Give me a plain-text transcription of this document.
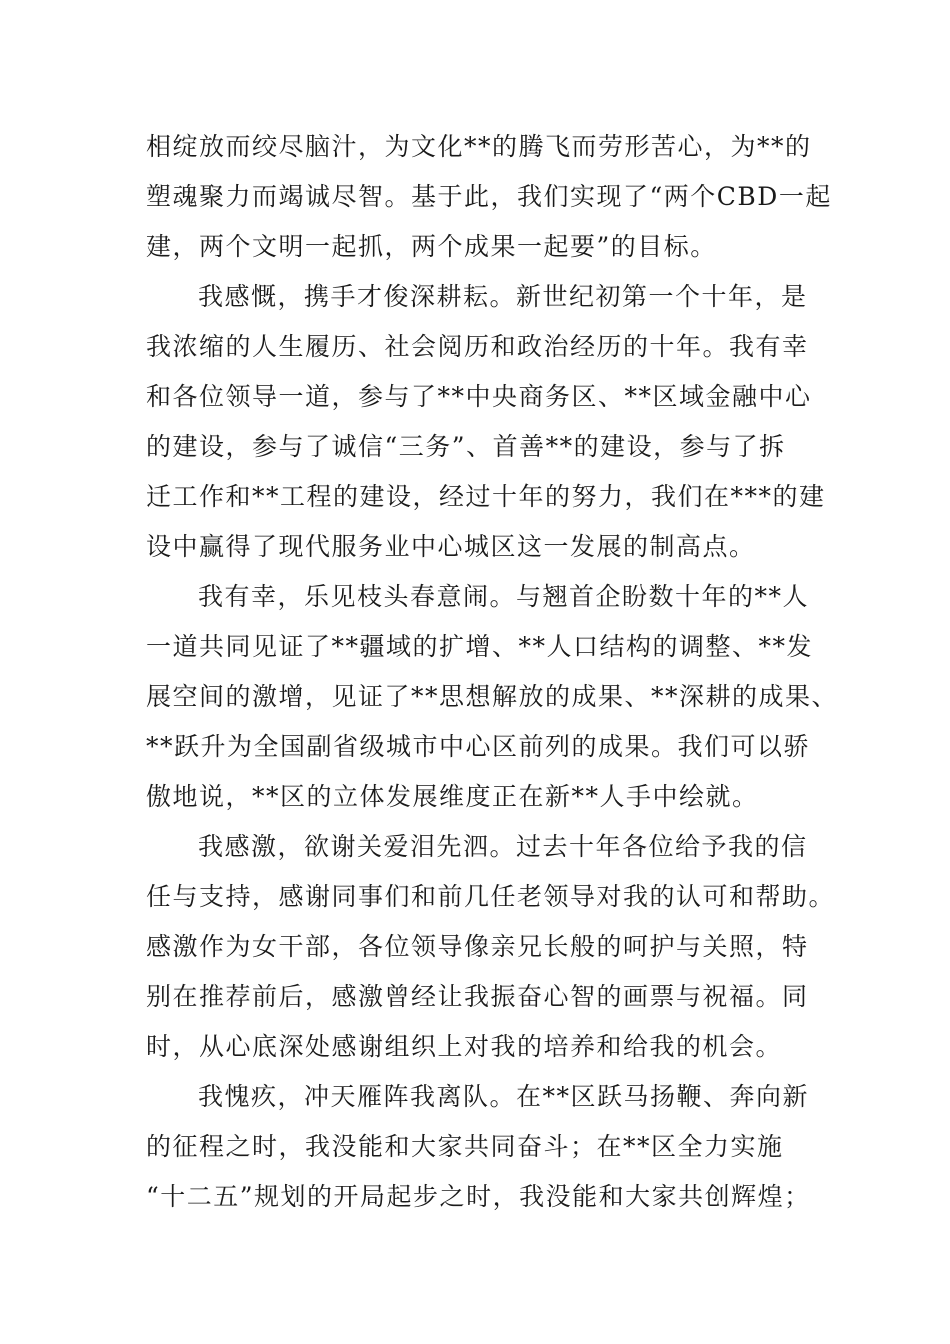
相绽放而绞尽脑汁，为文化**的腾飞而劳形苦心，为**的
塑魂聚力而竭诚尽智。基于此，我们实现了“两个CBD一起
建，两个文明一起抓，两个成果一起要”的目标。
我感慨，携手才俊深耕耘。新世纪初第一个十年，是
我浓缩的人生履历、社会阅历和政治经历的十年。我有幸
和各位领导一道，参与了**中央商务区、**区域金融中心
的建设，参与了诚信“三务”、首善**的建设，参与了拆
迁工作和**工程的建设，经过十年的努力，我们在***的建
设中赢得了现代服务业中心城区这一发展的制高点。
我有幸，乐见枝头春意闹。与翘首企盼数十年的**人
一道共同见证了**疆域的扩增、**人口结构的调整、**发
展空间的激增，见证了**思想解放的成果、**深耕的成果、
**跃升为全国副省级城市中心区前列的成果。我们可以骄
傲地说，**区的立体发展维度正在新**人手中绘就。
我感激，欲谢关爱泪先泗。过去十年各位给予我的信
任与支持，感谢同事们和前几任老领导对我的认可和帮助。
感激作为女干部，各位领导像亲兄长般的呵护与关照，特
别在推荐前后，感激曾经让我振奋心智的画票与祝福。同
时，从心底深处感谢组织上对我的培养和给我的机会。
我愧疚，冲天雁阵我离队。在**区跃马扬鞭、奔向新
的征程之时，我没能和大家共同奋斗；在**区全力实施
“十二五”规划的开局起步之时，我没能和大家共创辉煌；
